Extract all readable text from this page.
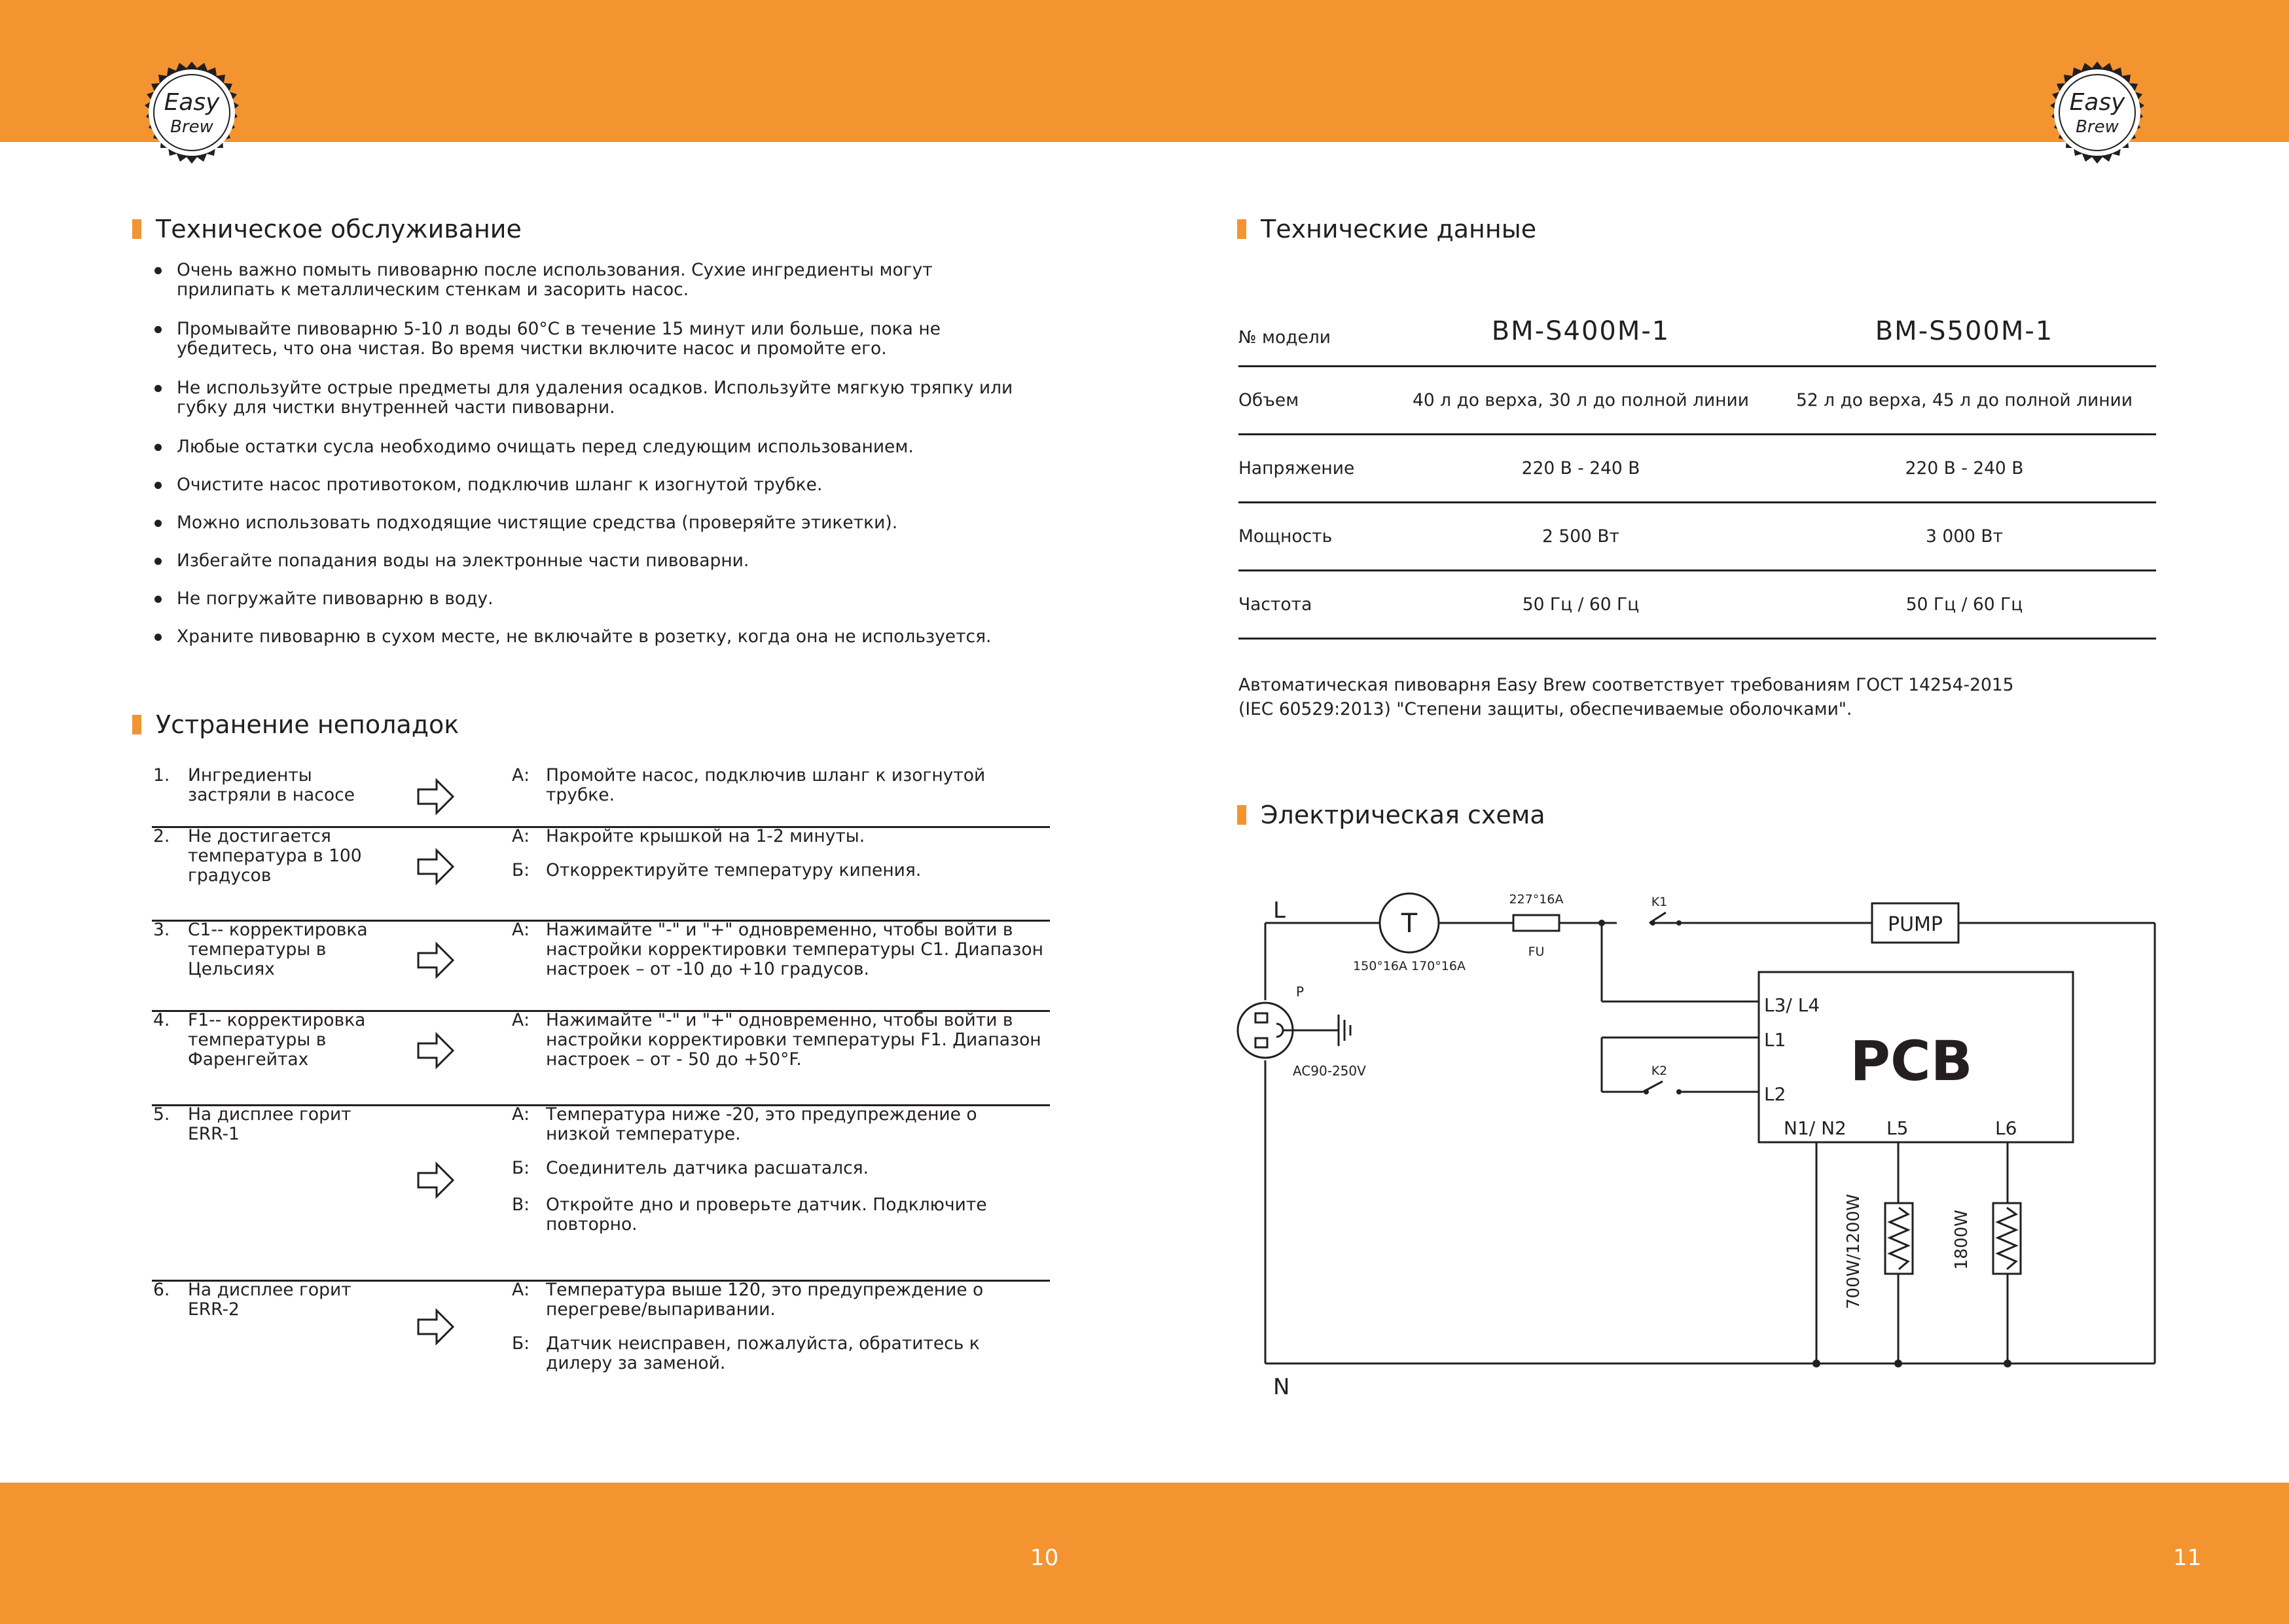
Easy
Brew
Easy
Brew
Техническое обслуживание
Очень важно помыть пивоварню после использования. Сухие ингредиенты могут
прилипать к металлическим стенкам и засорить насос.
Промывайте пивоварню 5-10 л воды 60°C в течение 15 минут или больше, пока не
убедитесь, что она чистая. Во время чистки включите насос и промойте его.
Не используйте острые предметы для удаления осадков. Используйте мягкую тряпку или
губку для чистки внутренней части пивоварни.
Любые остатки сусла необходимо очищать перед следующим использованием.
Очистите насос противотоком, подключив шланг к изогнутой трубке.
Можно использовать подходящие чистящие средства (проверяйте этикетки).
Избегайте попадания воды на электронные части пивоварни.
Не погружайте пивоварню в воду.
Храните пивоварню в сухом месте, не включайте в розетку, когда она не используется.
Устранение неполадок
1. Ингредиенты
застряли в насосе
А: Промойте насос, подключив шланг к изогнутой
трубке.
2. Не достигается
температура в 100
градусов
А: Накройте крышкой на 1-2 минуты.
Б: Откорректируйте температуру кипения.
3. C1-- корректировка
температуры в
Цельсиях
А: Нажимайте "-" и "+" одновременно, чтобы войти в
настройки корректировки температуры C1. Диапазон
настроек – от -10 до +10 градусов.
4. F1-- корректировка
температуры в
Фаренгейтах
А: Нажимайте "-" и "+" одновременно, чтобы войти в
настройки корректировки температуры F1. Диапазон
настроек – от - 50 до +50°F.
5. На дисплее горит
ERR-1
А: Температура ниже -20, это предупреждение о
низкой температуре.
Б: Соединитель датчика расшатался.
В: Откройте дно и проверьте датчик. Подключите
повторно.
6. На дисплее горит
ERR-2
А: Температура выше 120, это предупреждение о
перегреве/выпаривании.
Б: Датчик неисправен, пожалуйста, обратитесь к
дилеру за заменой.
10
Технические данные
№ модели	BM-S400M-1	BM-S500M-1
Объем	40 л до верха, 30 л до полной линии	52 л до верха, 45 л до полной линии
Напряжение	220 В - 240 В	220 В - 240 В
Мощность	2 500 Вт	3 000 Вт
Частота	50 Гц / 60 Гц	50 Гц / 60 Гц
Автоматическая пивоварня Easy Brew соответствует требованиям ГОСТ 14254-2015
(IEC 60529:2013) "Степени защиты, обеспечиваемые оболочками".
Электрическая схема
L
N
P
AC90-250V
T
150°16A 170°16A
227°16A
FU
K1
K2
PUMP
PCB
L3/ L4
L1
L2
N1/ N2 L5	L6
700W/1200W	1800W
11
